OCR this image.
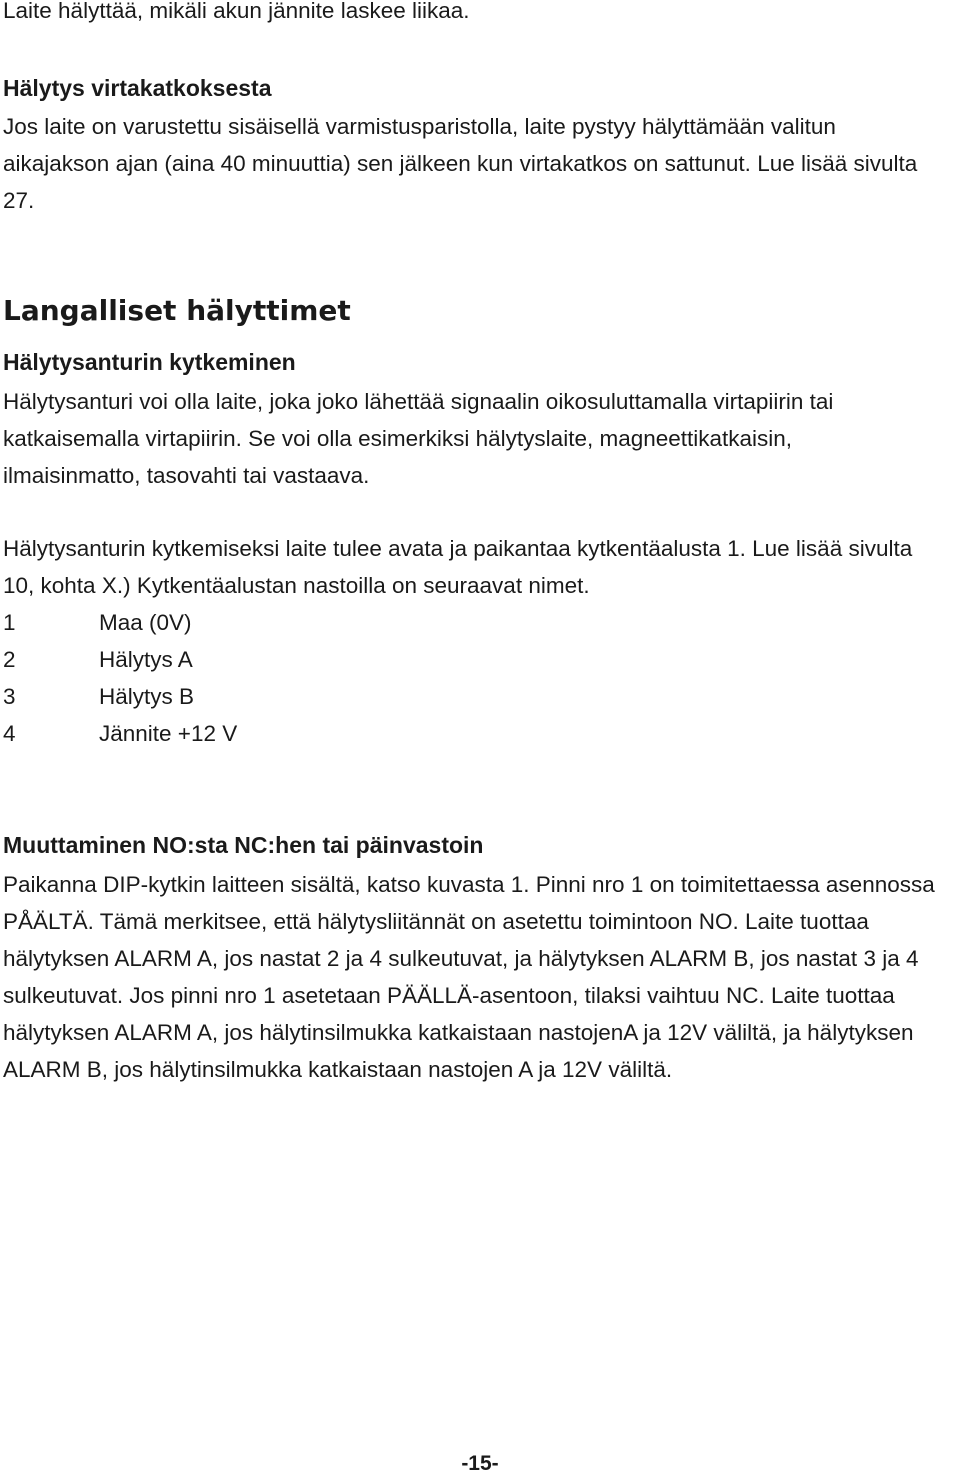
Laite hälyttää, mikäli akun jännite laskee liikaa.

Hälytys virtakatkoksesta

Jos laite on varustettu sisäisellä varmistusparistolla, laite pystyy hälyttämään valitun aikajakson ajan (aina 40 minuuttia) sen jälkeen kun virtakatkos on sattunut. Lue lisää sivulta 27.

Langalliset hälyttimet
Hälytysanturin kytkeminen

Hälytysanturi voi olla laite, joka joko lähettää signaalin oikosuluttamalla virtapiirin tai katkaisemalla virtapiirin. Se voi olla esimerkiksi hälytyslaite, magneettikatkaisin, ilmaisinmatto, tasovahti tai vastaava.

Hälytysanturin kytkemiseksi laite tulee avata ja paikantaa kytkentäalusta 1. Lue lisää sivulta 10, kohta X.) Kytkentäalustan nastoilla on seuraavat nimet.

1	Maa (0V)
2	Hälytys A
3	Hälytys B
4	Jännite +12 V
Muuttaminen NO:sta NC:hen tai päinvastoin

Paikanna DIP-kytkin laitteen sisältä, katso kuvasta 1. Pinni nro 1 on toimitettaessa asennossa PÅÄLTÄ. Tämä merkitsee, että hälytysliitännät on asetettu toimintoon NO. Laite tuottaa hälytyksen ALARM A, jos nastat 2 ja 4 sulkeutuvat, ja hälytyksen ALARM B, jos nastat 3 ja 4 sulkeutuvat. Jos pinni nro 1 asetetaan PÄÄLLÄ-asentoon, tilaksi vaihtuu NC. Laite tuottaa hälytyksen ALARM A, jos hälytinsilmukka katkaistaan nastojenA ja 12V väliltä, ja hälytyksen ALARM B, jos hälytinsilmukka katkaistaan nastojen A ja 12V väliltä.

-15-
